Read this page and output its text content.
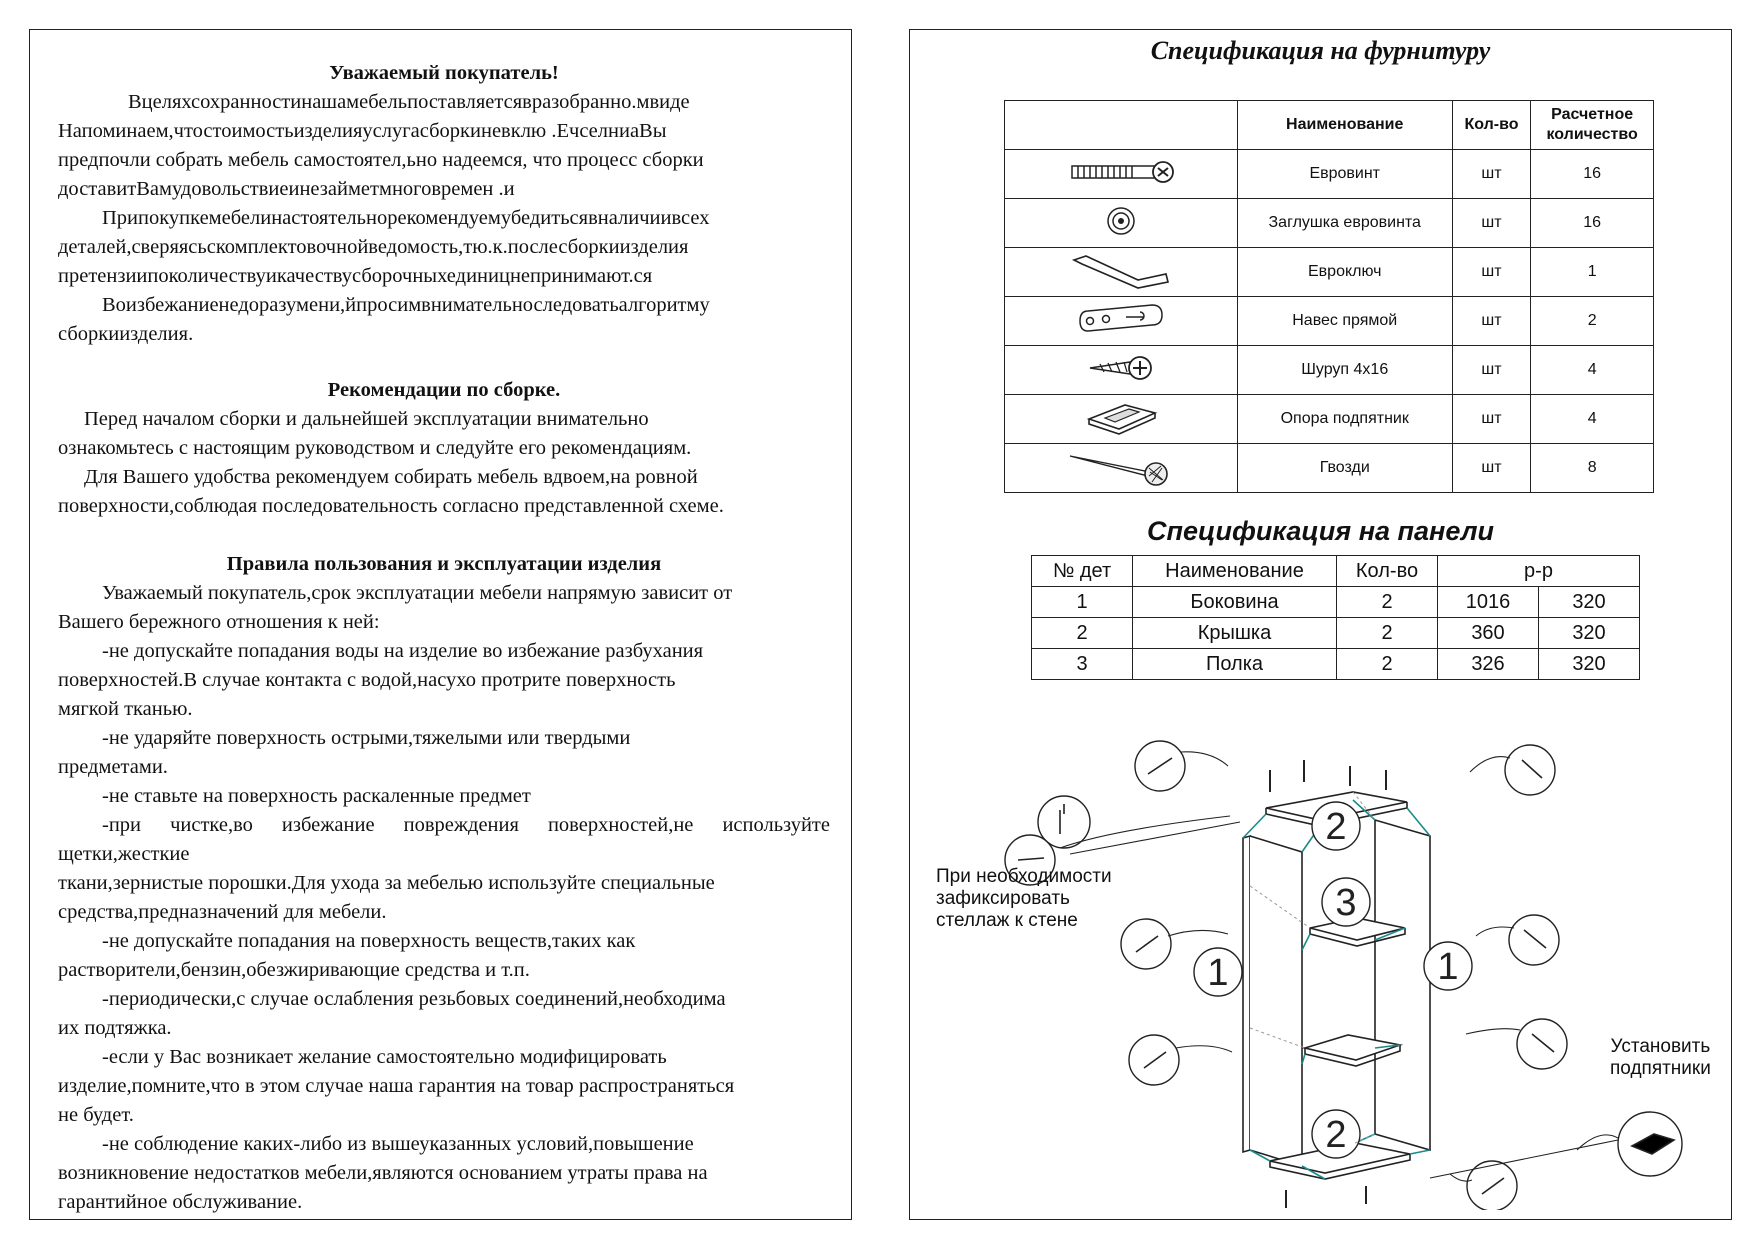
Уважаемый покупатель!

Вцеляхсохранностинашамебельпоставляетсявразобранно.мвиде

Напоминаем,чтостоимостьизделияуслугасборкиневклю .ЕчселниаВы

предпочли собрать мебель самостоятел,ьно надеемся, что процесс сборки

доставитВамудовольствиеинезайметмноговремен .и

Припокупкемебелинастоятельнорекомендуемубедитьсявналичиивсех

деталей,сверяясьскомплектовочнойведомость,тю.к.послесборкиизделия

претензиипоколичествуикачествусборочныхединицнепринимают.ся

Воизбежаниенедоразумени,йпросимвнимательноследоватьалгоритму

сборкиизделия.

Рекомендации по сборке.

Перед началом сборки и дальнейшей эксплуатации внимательно

ознакомьтесь с настоящим руководством и следуйте его рекомендациям.

Для Вашего удобства рекомендуем собирать мебель вдвоем,на ровной

поверхности,соблюдая последовательность согласно представленной схеме.

Правила пользования и эксплуатации изделия

Уважаемый покупатель,срок эксплуатации мебели напрямую зависит от

Вашего бережного отношения к ней:

-не допускайте попадания воды на изделие во избежание разбухания

поверхностей.В случае контакта с водой,насухо протрите поверхность

мягкой тканью.

-не ударяйте поверхность острыми,тяжелыми или твердыми

предметами.

-не ставьте на поверхность раскаленные предмет

-при чистке,во избежание повреждения поверхностей,не используйте щетки,жесткие

ткани,зернистые порошки.Для ухода за мебелью используйте специальные

средства,предназначений для мебели.

-не допускайте попадания на поверхность веществ,таких как

растворители,бензин,обезжиривающие средства и т.п.

-периодически,с случае ослабления резьбовых соединений,необходима

их подтяжка.

-если у Вас возникает желание самостоятельно модифицировать

изделие,помните,что в этом случае наша гарантия на товар распространяться

не будет.

-не соблюдение каких-либо из вышеуказанных условий,повышение

возникновение недостатков мебели,являются основанием утраты права на

гарантийное обслуживание.

Спецификация на фурнитуру
	Наименование	Кол-во	Расчетное
количество

	Евровинт	шт	16
	Заглушка евровинта	шт	16
	Евроключ	шт	1
	Навес прямой	шт	2
	Шуруп 4х16	шт	4
	Опора подпятник	шт	4
	Гвозди	шт	8
Спецификация на панели
№ дет	Наименование	Кол-во	р-р	
1	Боковина	2	1016	320
2	Крышка	2	360	320
3	Полка	2	326	320
2
3
1	1
2
При необходимости
зафиксировать
стеллаж к стене
Установить
подпятники
